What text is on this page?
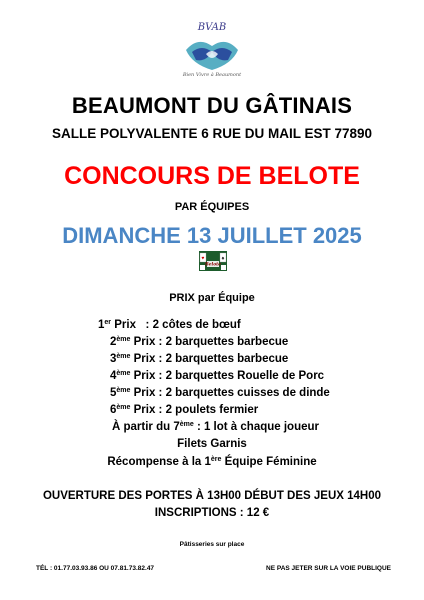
BVAB
Bien Vivre à Beaumont
BEAUMONT DU GÂTINAIS
SALLE POLYVALENTE 6 RUE DU MAIL EST 77890
CONCOURS DE BELOTE
PAR ÉQUIPES
DIMANCHE 13 JUILLET 2025
♥	♠
Belote
PRIX par Équipe
1er Prix   : 2 côtes de bœuf
2ème Prix : 2 barquettes barbecue
3ème Prix : 2 barquettes barbecue
4ème Prix : 2 barquettes Rouelle de Porc
5ème Prix : 2 barquettes cuisses de dinde
6ème Prix : 2 poulets fermier
À partir du 7ème : 1 lot à chaque joueur
Filets Garnis
Récompense à la 1ère Équipe Féminine
OUVERTURE DES PORTES À 13H00 DÉBUT DES JEUX 14H00
INSCRIPTIONS : 12 €
Pâtisseries sur place
TÉL : 01.77.03.93.86 OU 07.81.73.82.47	NE PAS JETER SUR LA VOIE PUBLIQUE
